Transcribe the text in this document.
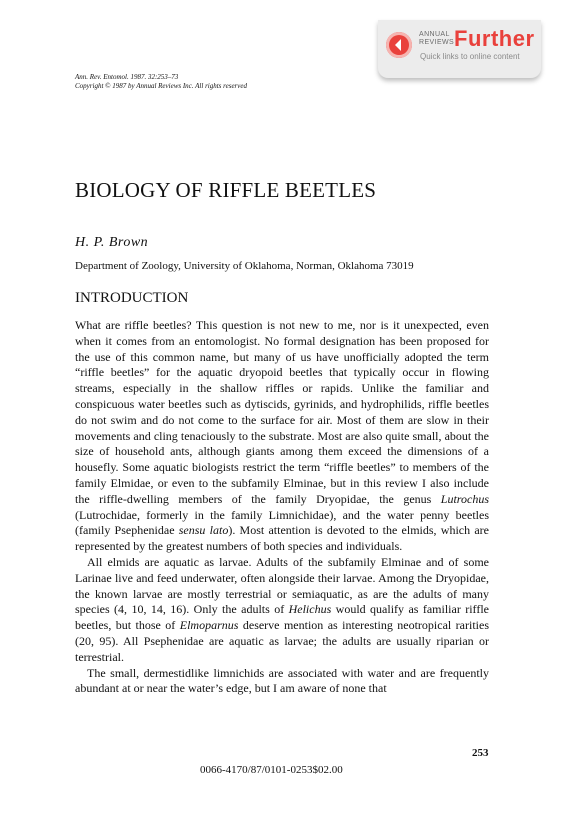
ANNUAL
REVIEWS Further
Quick links to online content
Ann. Rev. Entomol. 1987. 32:253–73
Copyright © 1987 by Annual Reviews Inc. All rights reserved
BIOLOGY OF RIFFLE BEETLES
H. P. Brown
Department of Zoology, University of Oklahoma, Norman, Oklahoma 73019
INTRODUCTION

What are riffle beetles? This question is not new to me, nor is it unexpected, even when it comes from an entomologist. No formal designation has been proposed for the use of this common name, but many of us have unofficially adopted the term “riffle beetles” for the aquatic dryopoid beetles that typically occur in flowing streams, especially in the shallow riffles or rapids. Unlike the familiar and conspicuous water beetles such as dytiscids, gyrinids, and hydrophilids, riffle beetles do not swim and do not come to the surface for air. Most of them are slow in their movements and cling tenaciously to the substrate. Most are also quite small, about the size of household ants, although giants among them exceed the dimensions of a housefly. Some aquatic biologists restrict the term “riffle beetles” to members of the family Elmidae, or even to the subfamily Elminae, but in this review I also include the riffle-dwelling members of the family Dryopidae, the genus Lutrochus (Lutrochidae, formerly in the family Limnichidae), and the water penny beetles (family Psephenidae sensu lato). Most attention is devoted to the elmids, which are represented by the greatest numbers of both species and individuals.

All elmids are aquatic as larvae. Adults of the subfamily Elminae and of some Larinae live and feed underwater, often alongside their larvae. Among the Dryopidae, the known larvae are mostly terrestrial or semiaquatic, as are the adults of many species (4, 10, 14, 16). Only the adults of Helichus would qualify as familiar riffle beetles, but those of Elmoparnus deserve mention as interesting neotropical rarities (20, 95). All Psephenidae are aquatic as larvae; the adults are usually riparian or terrestrial.

The small, dermestidlike limnichids are associated with water and are frequently abundant at or near the water’s edge, but I am aware of none that

253
0066-4170/87/0101-0253$02.00
